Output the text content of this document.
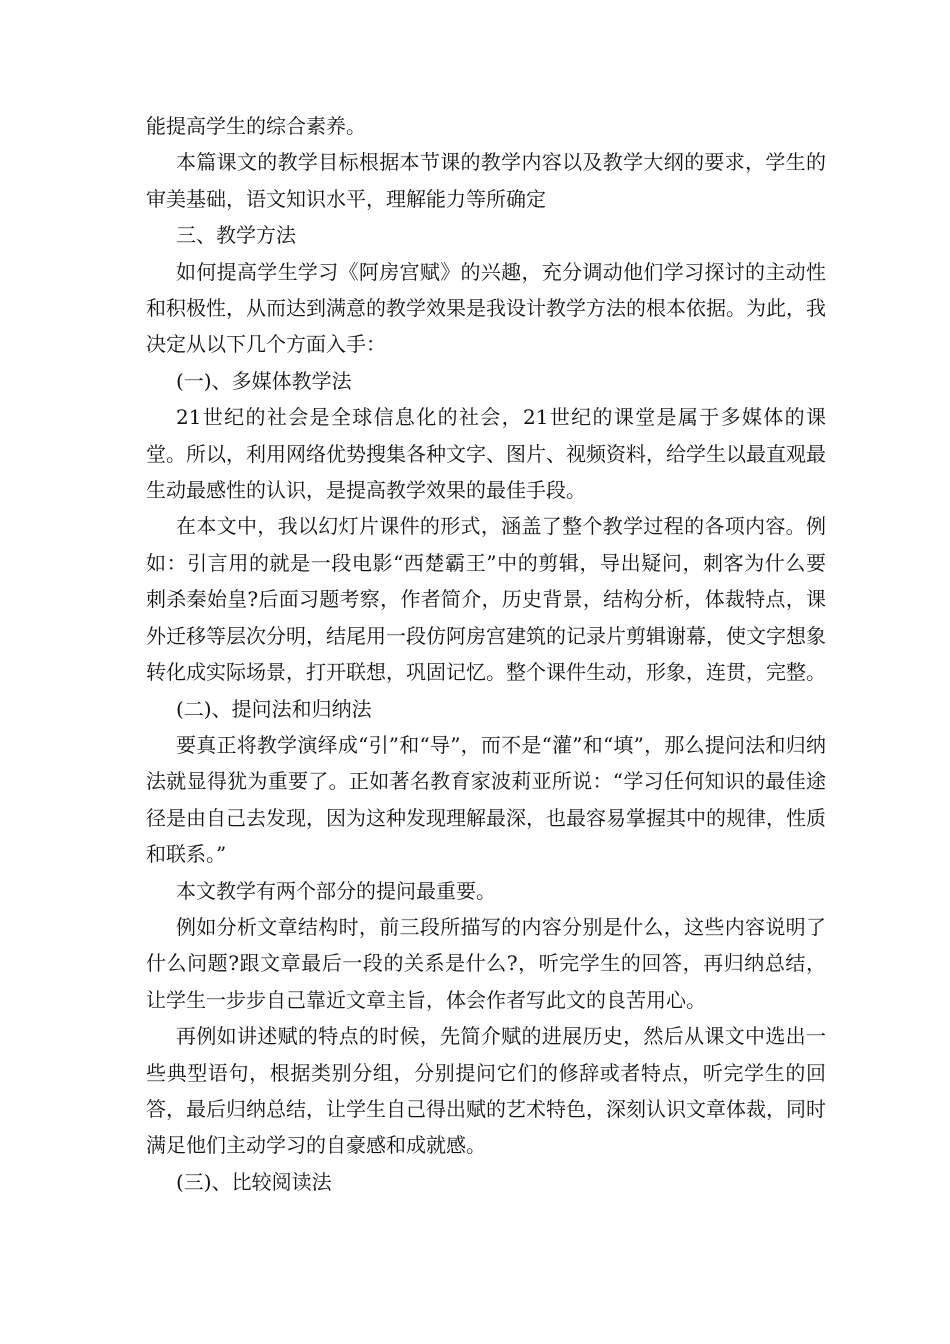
能提高学生的综合素养。

本篇课文的教学目标根据本节课的教学内容以及教学大纲的要求，学生的审美基础，语文知识水平，理解能力等所确定

三、教学方法

如何提高学生学习《阿房宫赋》的兴趣，充分调动他们学习探讨的主动性和积极性，从而达到满意的教学效果是我设计教学方法的根本依据。为此，我决定从以下几个方面入手：

(一)、多媒体教学法

21世纪的社会是全球信息化的社会，21世纪的课堂是属于多媒体的课堂。所以，利用网络优势搜集各种文字、图片、视频资料，给学生以最直观最生动最感性的认识，是提高教学效果的最佳手段。

在本文中，我以幻灯片课件的形式，涵盖了整个教学过程的各项内容。例如：引言用的就是一段电影“西楚霸王”中的剪辑，导出疑问，刺客为什么要刺杀秦始皇?后面习题考察，作者简介，历史背景，结构分析，体裁特点，课外迁移等层次分明，结尾用一段仿阿房宫建筑的记录片剪辑谢幕，使文字想象转化成实际场景，打开联想，巩固记忆。整个课件生动，形象，连贯，完整。

(二)、提问法和归纳法

要真正将教学演绎成“引”和“导”，而不是“灌”和“填”，那么提问法和归纳法就显得犹为重要了。正如著名教育家波莉亚所说：“学习任何知识的最佳途径是由自己去发现，因为这种发现理解最深，也最容易掌握其中的规律，性质和联系。”

本文教学有两个部分的提问最重要。

例如分析文章结构时，前三段所描写的内容分别是什么，这些内容说明了什么问题?跟文章最后一段的关系是什么?，听完学生的回答，再归纳总结，让学生一步步自己靠近文章主旨，体会作者写此文的良苦用心。

再例如讲述赋的特点的时候，先简介赋的进展历史，然后从课文中选出一些典型语句，根据类别分组，分别提问它们的修辞或者特点，听完学生的回答，最后归纳总结，让学生自己得出赋的艺术特色，深刻认识文章体裁，同时满足他们主动学习的自豪感和成就感。

(三)、比较阅读法
